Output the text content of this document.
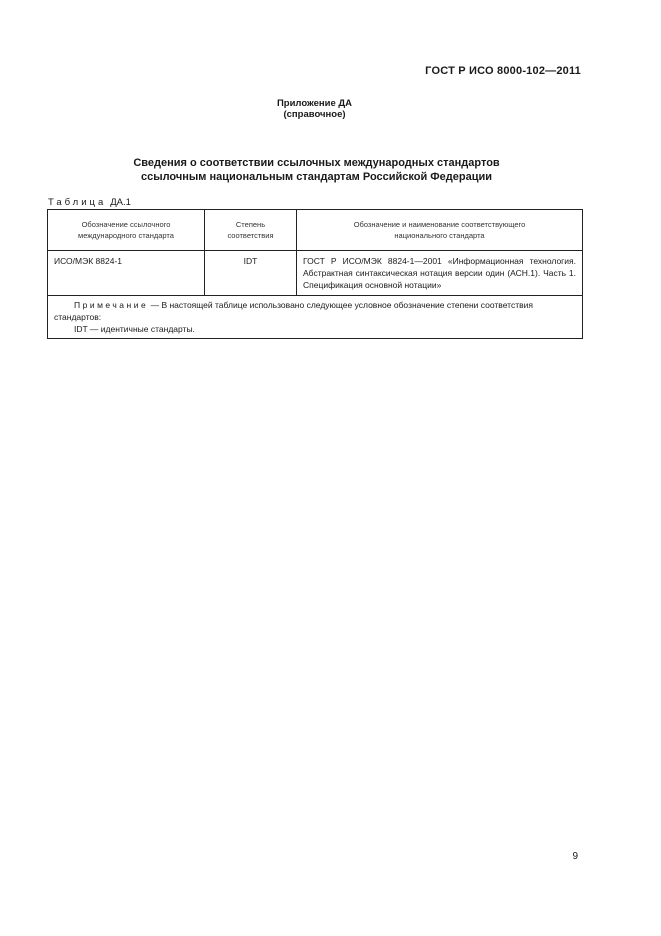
ГОСТ Р ИСО 8000-102—2011
Приложение ДА
(справочное)
Сведения о соответствии ссылочных международных стандартов
ссылочным национальным стандартам Российской Федерации
Таблица ДА.1
Обозначение ссылочного международного стандарта	Степень соответствия	Обозначение и наименование соответствующего национального стандарта

ИСО/МЭК 8824-1	IDT	ГОСТ Р ИСО/МЭК 8824-1—2001 «Информационная технология. Абстрактная синтаксическая нотация версии один (АСН.1). Часть 1. Спецификация основной нотации»

Примечание — В настоящей таблице использовано следующее условное обозначение степени соответствия стандартов:
IDT — идентичные стандарты.		
9
